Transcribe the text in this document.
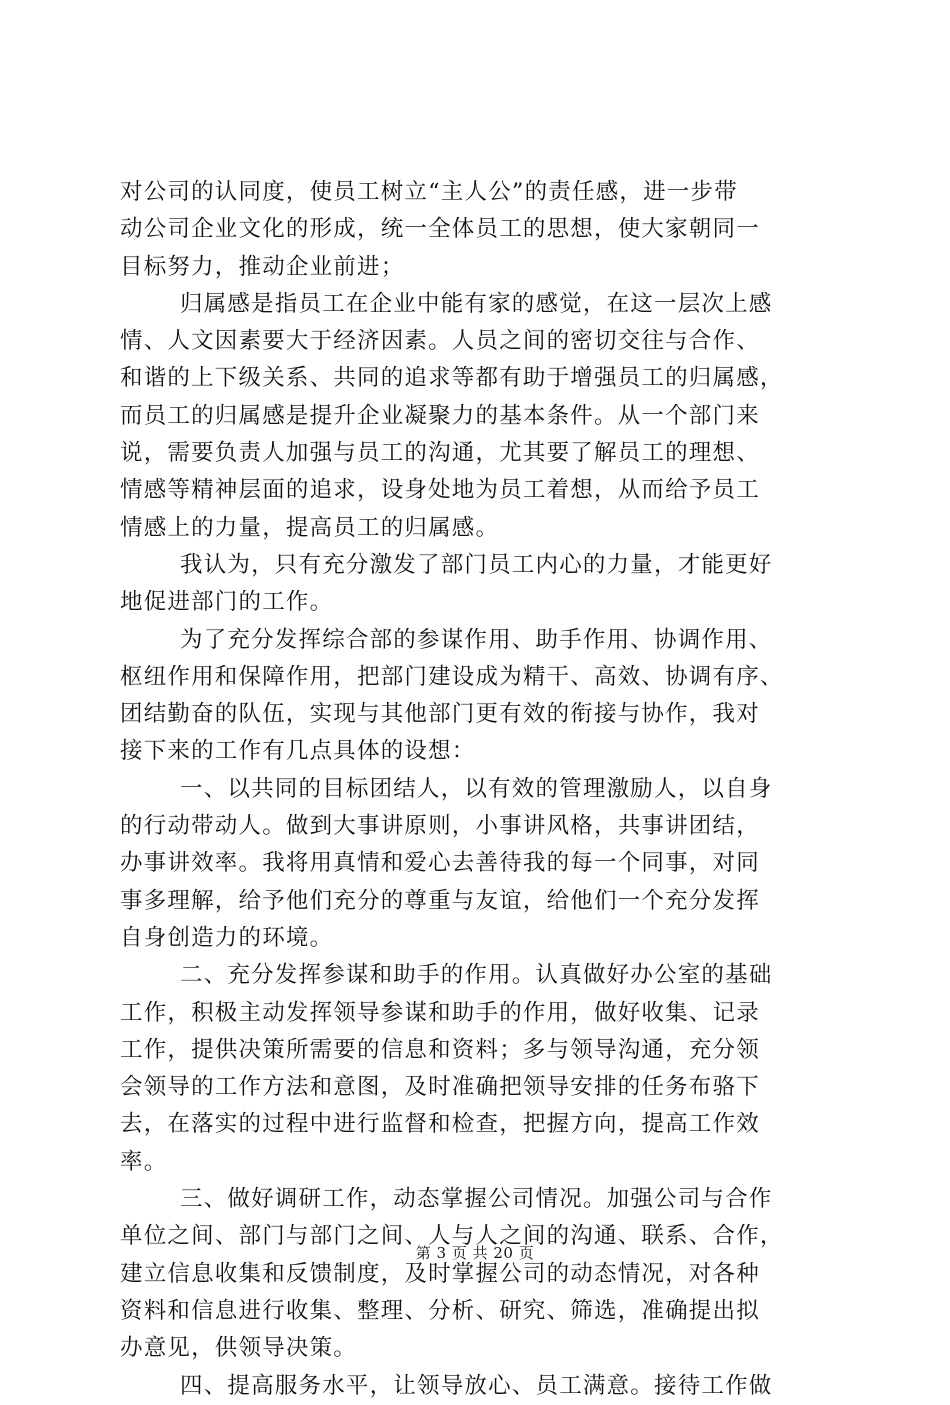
对公司的认同度，使员工树立“主人公”的责任感，进一步带
动公司企业文化的形成，统一全体员工的思想，使大家朝同一
目标努力，推动企业前进；
归属感是指员工在企业中能有家的感觉，在这一层次上感
情、人文因素要大于经济因素。人员之间的密切交往与合作、
和谐的上下级关系、共同的追求等都有助于增强员工的归属感，
而员工的归属感是提升企业凝聚力的基本条件。从一个部门来
说，需要负责人加强与员工的沟通，尤其要了解员工的理想、
情感等精神层面的追求，设身处地为员工着想，从而给予员工
情感上的力量，提高员工的归属感。
我认为，只有充分激发了部门员工内心的力量，才能更好
地促进部门的工作。
为了充分发挥综合部的参谋作用、助手作用、协调作用、
枢纽作用和保障作用，把部门建设成为精干、高效、协调有序、
团结勤奋的队伍，实现与其他部门更有效的衔接与协作，我对
接下来的工作有几点具体的设想：
一、以共同的目标团结人，以有效的管理激励人，以自身
的行动带动人。做到大事讲原则，小事讲风格，共事讲团结，
办事讲效率。我将用真情和爱心去善待我的每一个同事，对同
事多理解，给予他们充分的尊重与友谊，给他们一个充分发挥
自身创造力的环境。
二、充分发挥参谋和助手的作用。认真做好办公室的基础
工作，积极主动发挥领导参谋和助手的作用，做好收集、记录
工作，提供决策所需要的信息和资料；多与领导沟通，充分领
会领导的工作方法和意图，及时准确把领导安排的任务布骆下
去，在落实的过程中进行监督和检查，把握方向，提高工作效
率。
三、做好调研工作，动态掌握公司情况。加强公司与合作
单位之间、部门与部门之间、人与人之间的沟通、联系、合作，
建立信息收集和反馈制度，及时掌握公司的动态情况，对各种
资料和信息进行收集、整理、分析、研究、筛选，准确提出拟
办意见，供领导决策。
四、提高服务水平，让领导放心、员工满意。接待工作做
第 3 页 共 20 页
